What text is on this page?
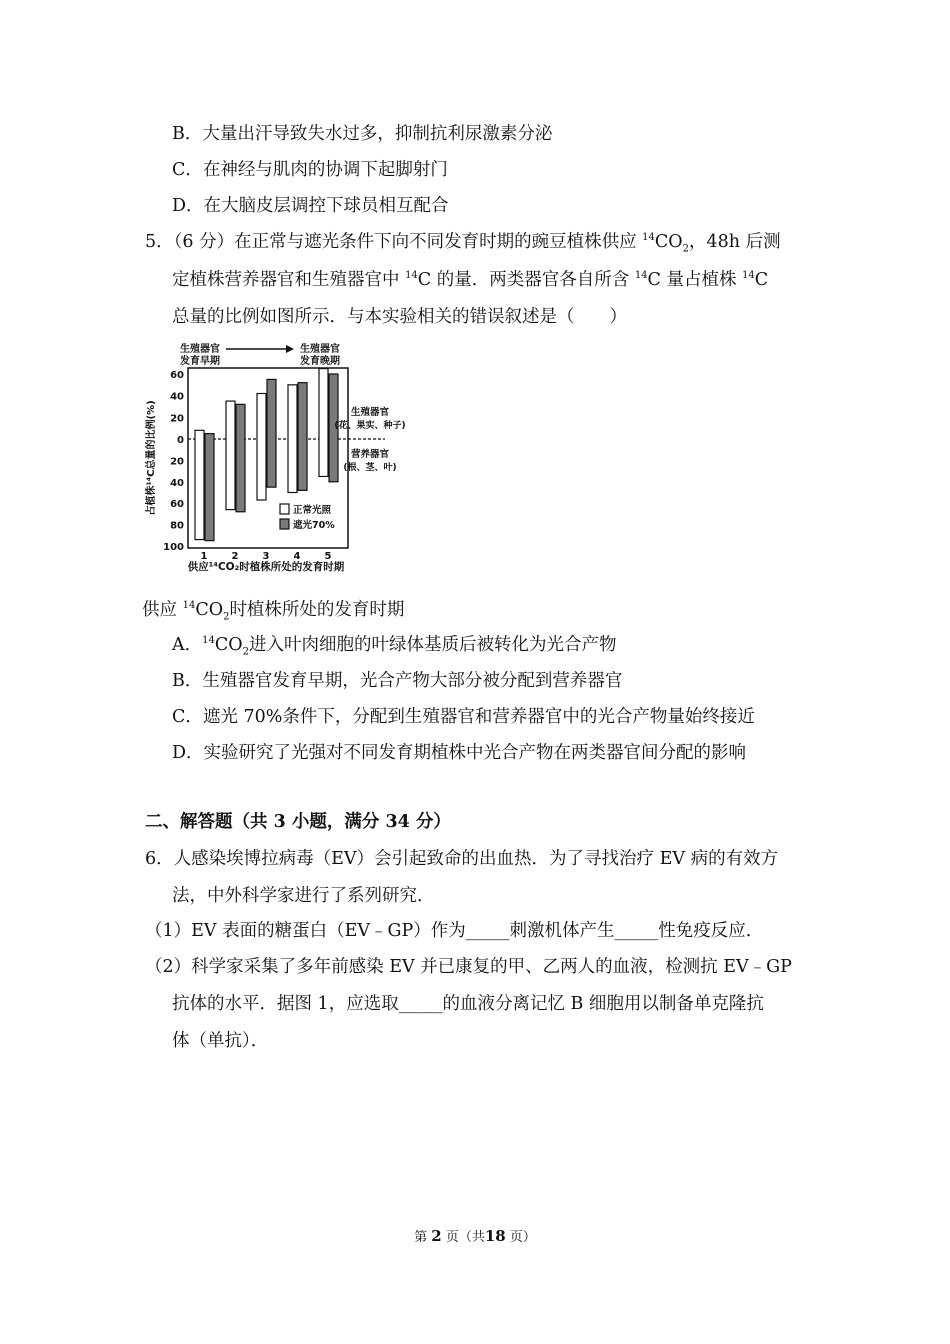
B．大量出汗导致失水过多，抑制抗利尿激素分泌
C．在神经与肌肉的协调下起脚射门
D．在大脑皮层调控下球员相互配合
5．（6 分）在正常与遮光条件下向不同发育时期的豌豆植株供应 $^{14}CO_2$，48h 后测
定植株营养器官和生殖器官中 $^{14}$C 的量．两类器官各自所含 $^{14}$C 量占植株 $^{14}$C
总量的比例如图所示．与本实验相关的错误叙述是（　　）
20
40
60
0
20
40
60
80
100
占植株¹⁴C总量的比例(%)
1 2 3 4 5
供应¹⁴CO₂时植株所处的发育时期
生殖器官
发育早期
生殖器官
发育晚期
生殖器官
(花、果实、种子)
营养器官
(根、茎、叶)
正常光照
遮光70%
供应 $^{14}CO_2$时植株所处的发育时期
A．$^{14}CO_2$进入叶肉细胞的叶绿体基质后被转化为光合产物
B．生殖器官发育早期，光合产物大部分被分配到营养器官
C．遮光 70%条件下，分配到生殖器官和营养器官中的光合产物量始终接近
D．实验研究了光强对不同发育期植株中光合产物在两类器官间分配的影响
二、解答题（共 3 小题，满分 34 分）
6．人感染埃博拉病毒（EV）会引起致命的出血热．为了寻找治疗 EV 病的有效方
法，中外科学家进行了系列研究．
（1）EV 表面的糖蛋白（EV﹣GP）作为_____刺激机体产生_____性免疫反应．
（2）科学家采集了多年前感染 EV 并已康复的甲、乙两人的血液，检测抗 EV﹣GP
抗体的水平．据图 1，应选取_____的血液分离记忆 B 细胞用以制备单克隆抗
体（单抗）．
第 2 页（共18 页）
